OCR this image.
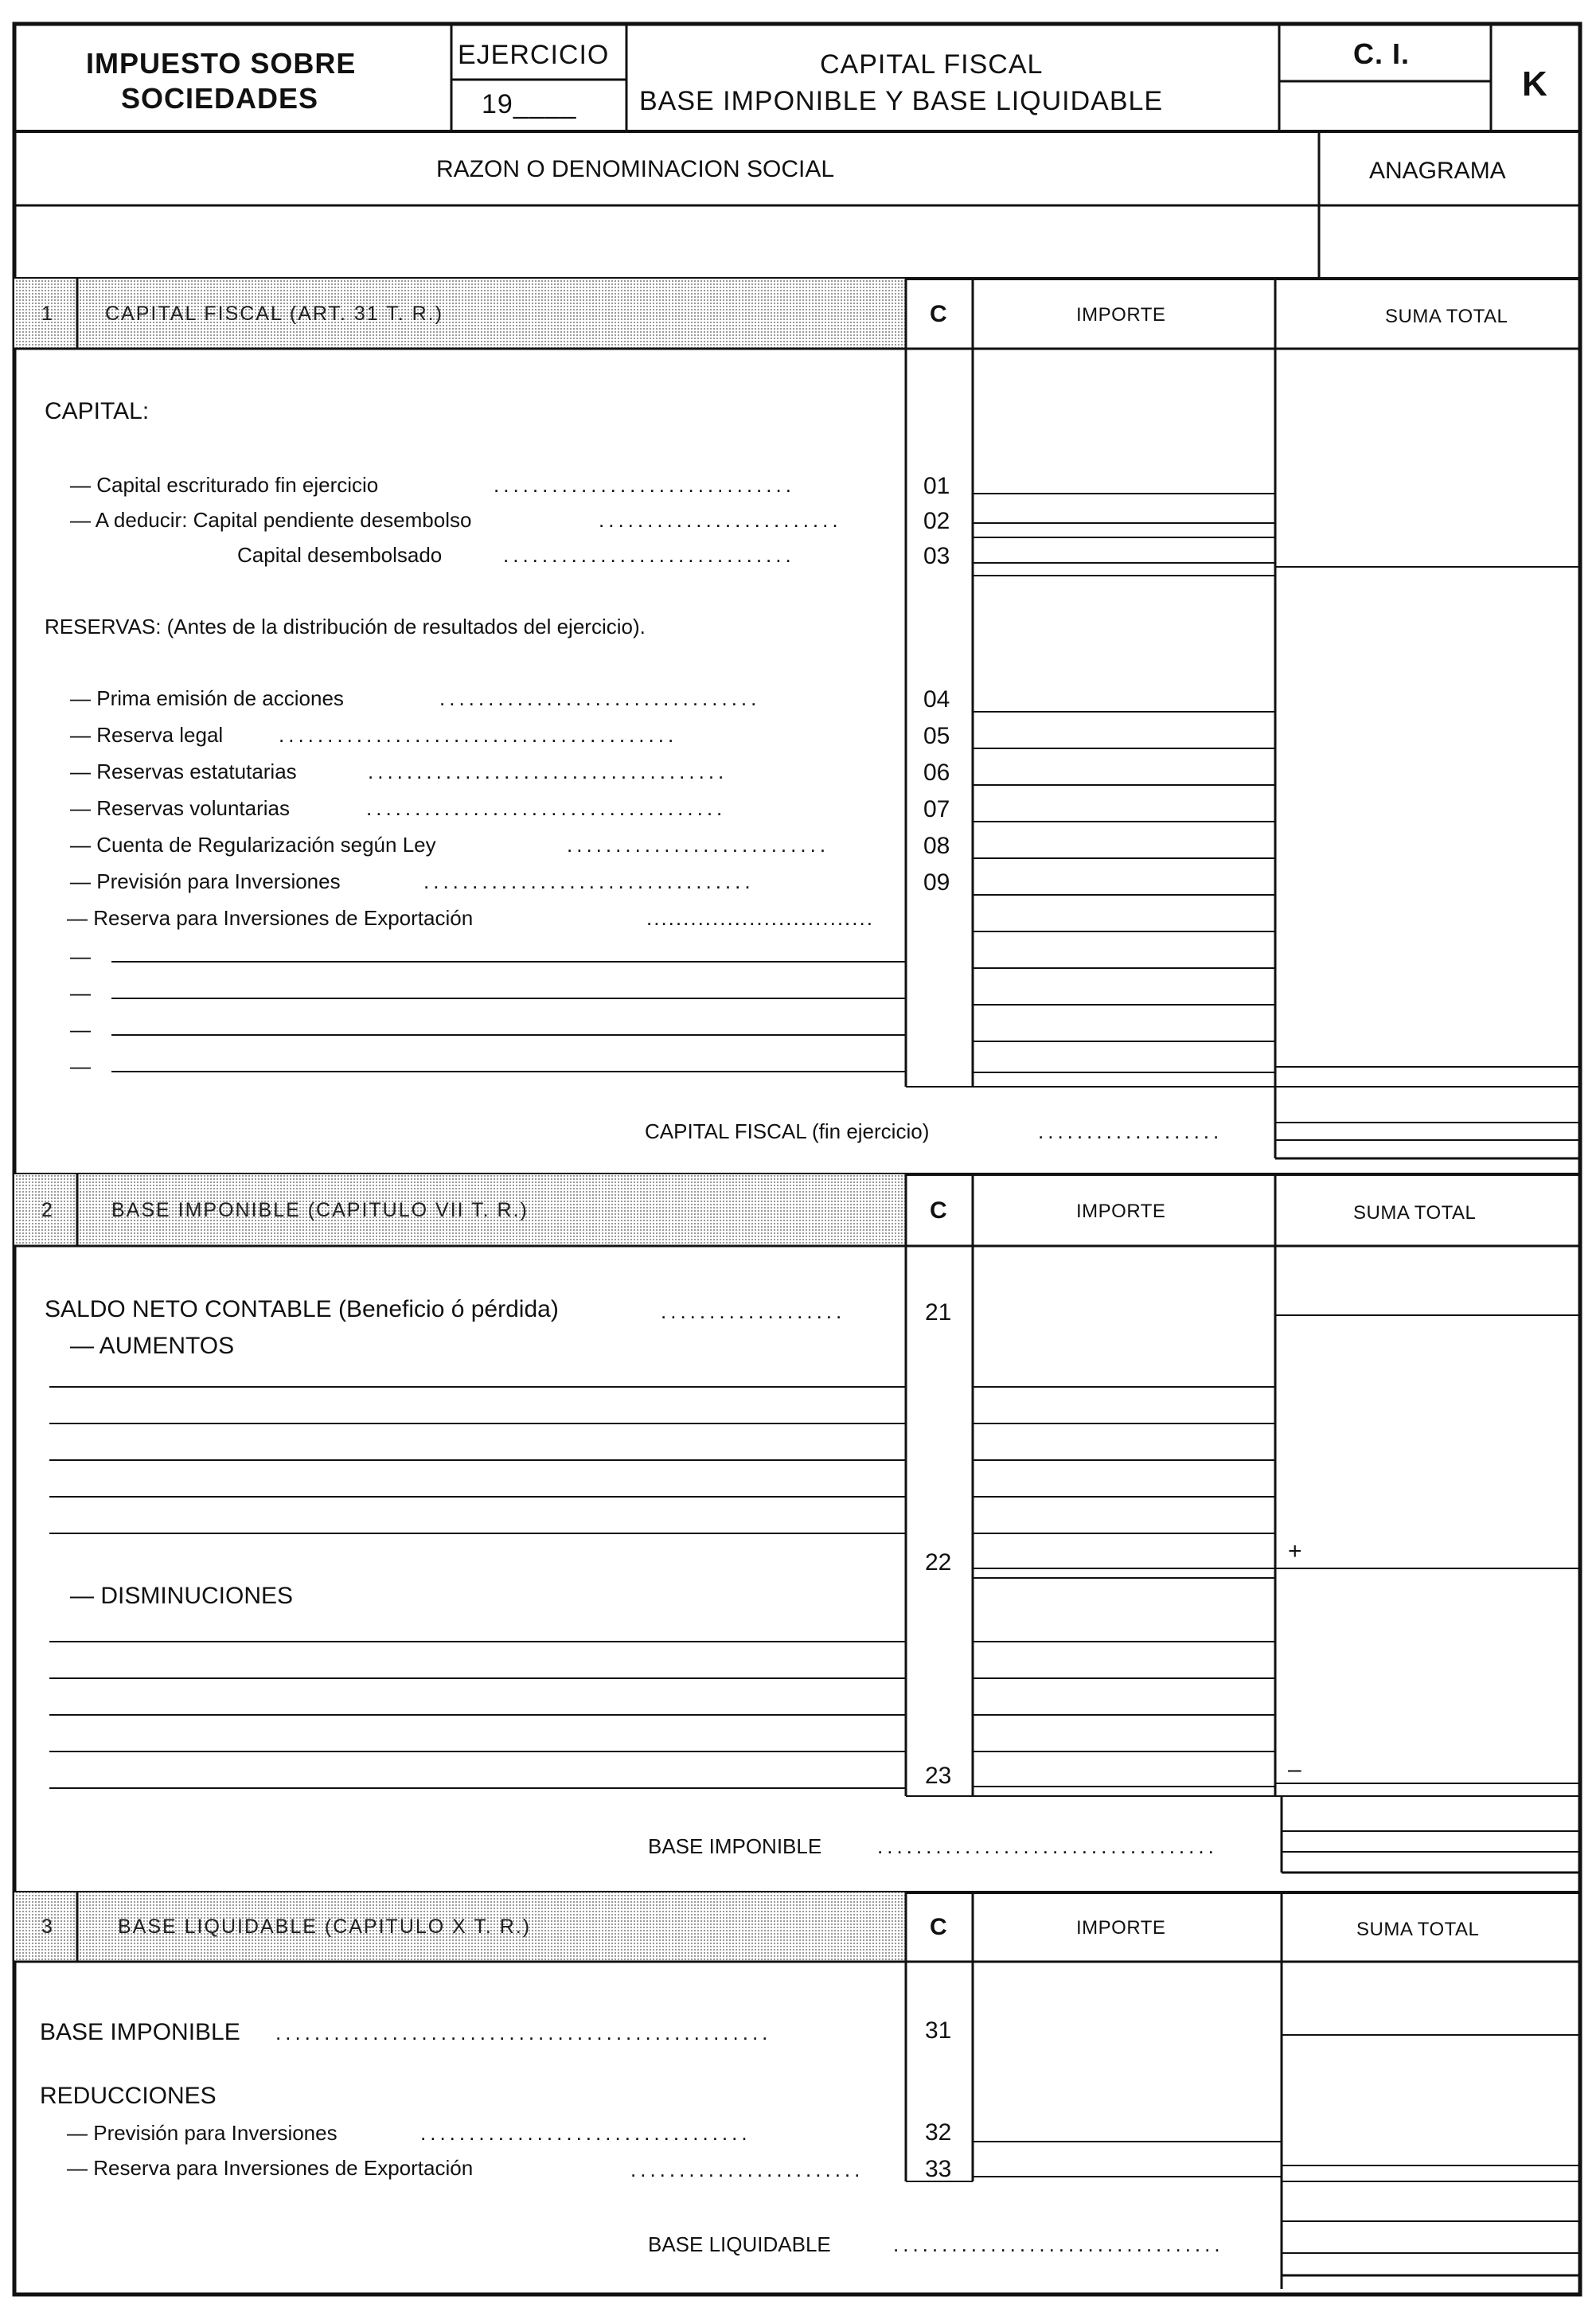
IMPUESTO SOBRE
SOCIEDADES
EJERCICIO
19____
CAPITAL FISCAL
BASE IMPONIBLE Y BASE LIQUIDABLE
C. I.
K
RAZON O DENOMINACION SOCIAL	ANAGRAMA
1	CAPITAL FISCAL (ART. 31 T. R.)	C	IMPORTE	SUMA TOTAL
CAPITAL:
— Capital escriturado fin ejercicio	...............................	01
— A deducir: Capital pendiente desembolso	.........................	02
Capital desembolsado	..............................	03
RESERVAS: (Antes de la distribución de resultados del ejercicio).
— Prima emisión de acciones	.................................	04
— Reserva legal	.........................................	05
— Reservas estatutarias	.....................................	06
— Reservas voluntarias	.....................................	07
— Cuenta de Regularización según Ley	...........................	08
— Previsión para Inversiones	..................................	09
— Reserva para Inversiones de Exportación	...............................
—
—
—
—
CAPITAL FISCAL (fin ejercicio)	...................
2	BASE IMPONIBLE (CAPITULO VII T. R.)	C	IMPORTE	SUMA TOTAL
SALDO NETO CONTABLE (Beneficio ó pérdida)	...................	21
— AUMENTOS
22	+
— DISMINUCIONES
23	–
BASE IMPONIBLE	...................................
3	BASE LIQUIDABLE (CAPITULO X T. R.)	C	IMPORTE	SUMA TOTAL
BASE IMPONIBLE ...................................................	31
REDUCCIONES
— Previsión para Inversiones	..................................	32
— Reserva para Inversiones de Exportación	........................	33
BASE LIQUIDABLE	..................................
